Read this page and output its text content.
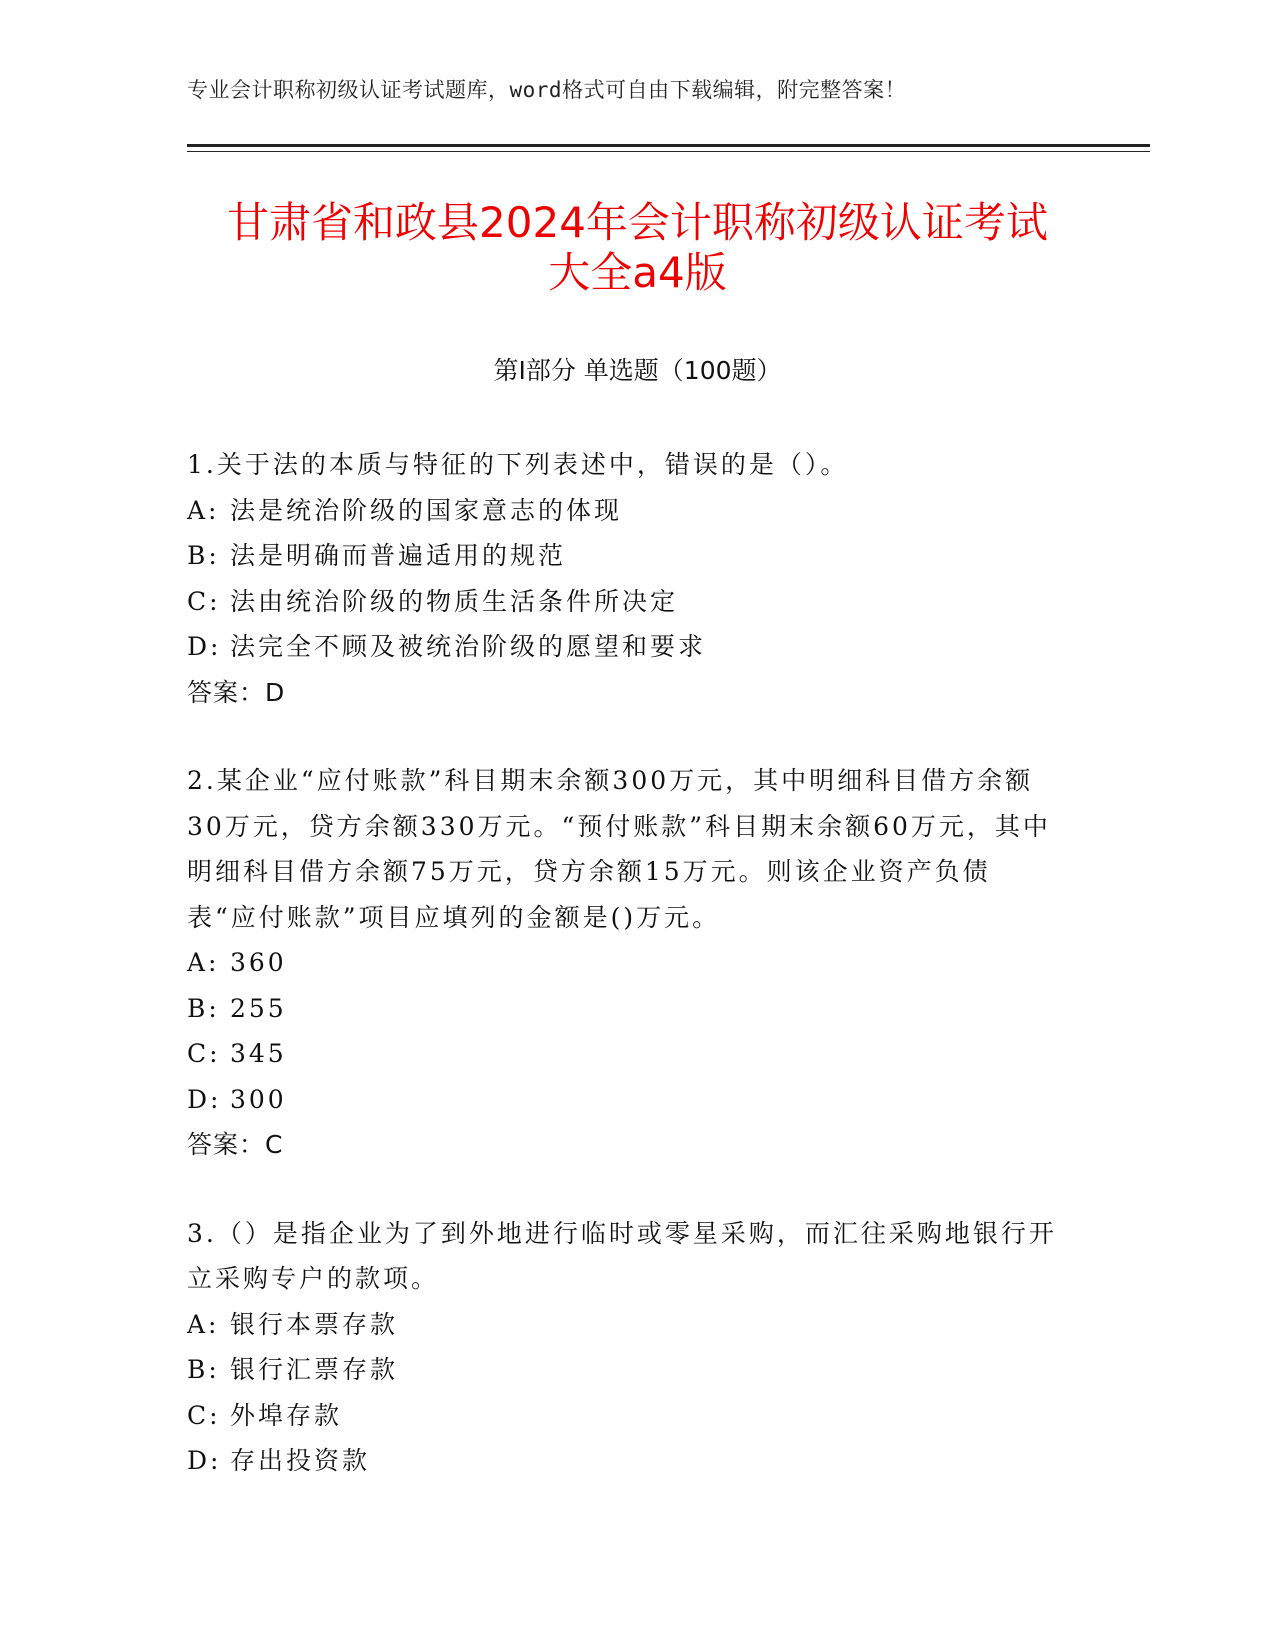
专业会计职称初级认证考试题库，word格式可自由下载编辑，附完整答案！
甘肃省和政县2024年会计职称初级认证考试
大全a4版
第Ⅰ部分 单选题（100题）
1.关于法的本质与特征的下列表述中，错误的是（）。
A: 法是统治阶级的国家意志的体现
B: 法是明确而普遍适用的规范
C: 法由统治阶级的物质生活条件所决定
D: 法完全不顾及被统治阶级的愿望和要求
答案：D
2.某企业“应付账款”科目期末余额300万元，其中明细科目借方余额30万元，贷方余额330万元。“预付账款”科目期末余额60万元，其中明细科目借方余额75万元，贷方余额15万元。则该企业资产负债表“应付账款”项目应填列的金额是()万元。
A: 360
B: 255
C: 345
D: 300
答案：C
3.（）是指企业为了到外地进行临时或零星采购，而汇往采购地银行开立采购专户的款项。
A: 银行本票存款
B: 银行汇票存款
C: 外埠存款
D: 存出投资款
